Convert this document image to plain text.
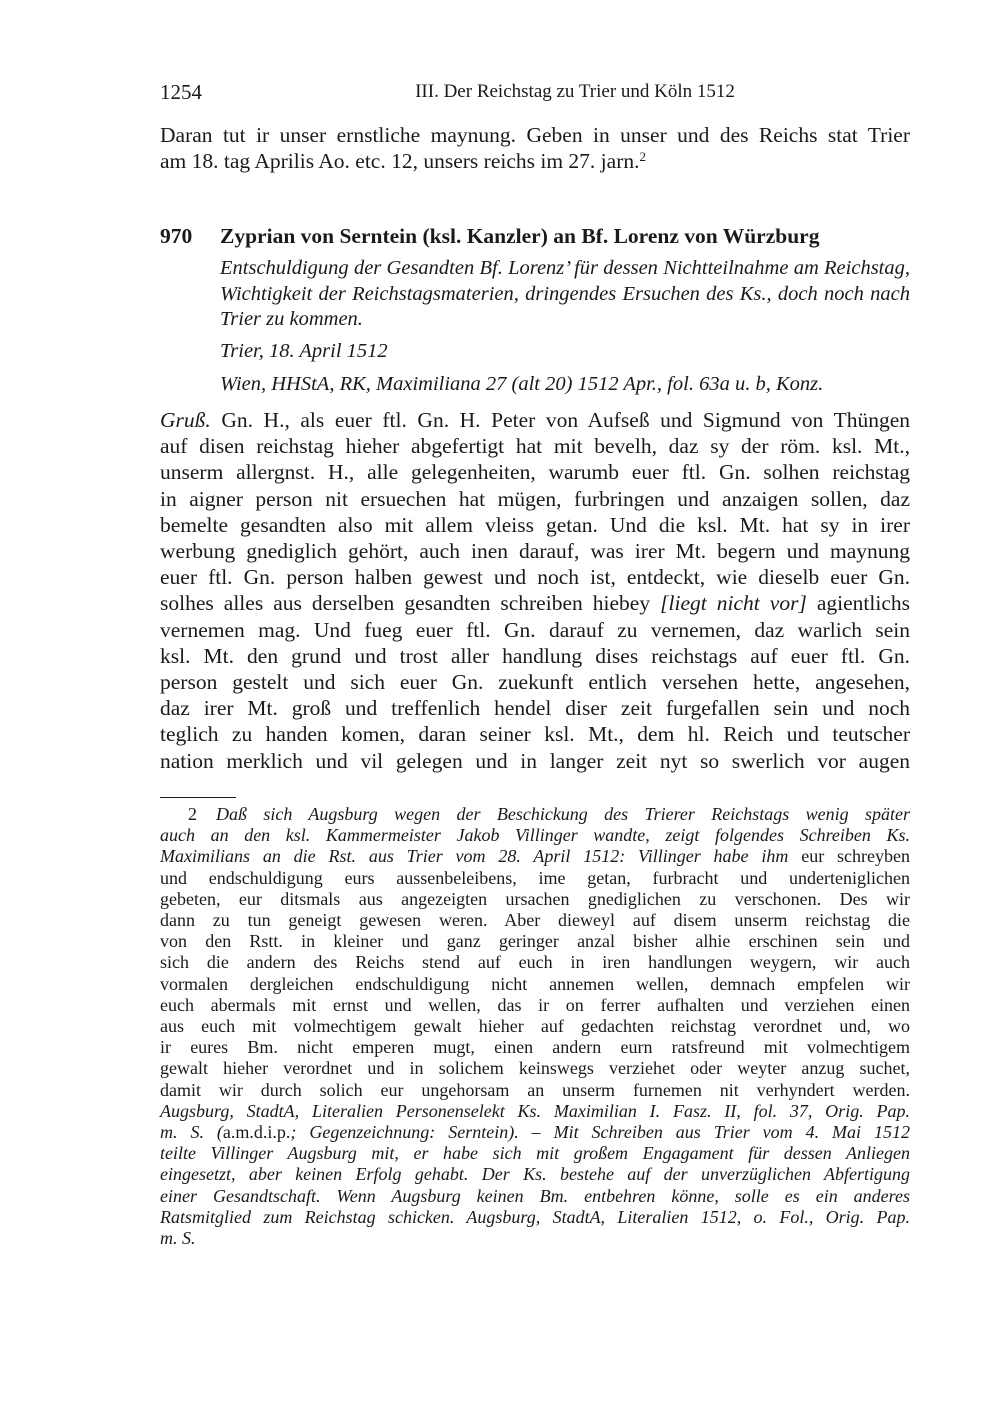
1254	III. Der Reichstag zu Trier und Köln 1512
Daran tut ir unser ernstliche maynung. Geben in unser und des Reichs stat Trier
am 18. tag Aprilis Ao. etc. 12, unsers reichs im 27. jarn.$^2$
970 Zyprian von Serntein (ksl. Kanzler) an Bf. Lorenz von Würzburg
Entschuldigung der Gesandten Bf. Lorenz’ für dessen Nichtteilnahme am Reichstag, Wichtigkeit der Reichstagsmaterien, dringendes Ersuchen des Ks., doch noch nach Trier zu kommen.
Trier, 18. April 1512
Wien, HHStA, RK, Maximiliana 27 (alt 20) 1512 Apr., fol. 63a u. b, Konz.
Gruß. Gn. H., als euer ftl. Gn. H. Peter von Aufseß und Sigmund von Thüngen
auf disen reichstag hieher abgefertigt hat mit bevelh, daz sy der röm. ksl. Mt.,
unserm allergnst. H., alle gelegenheiten, warumb euer ftl. Gn. solhen reichstag
in aigner person nit ersuechen hat mügen, furbringen und anzaigen sollen, daz
bemelte gesandten also mit allem vleiss getan. Und die ksl. Mt. hat sy in irer
werbung gnediglich gehört, auch inen darauf, was irer Mt. begern und maynung
euer ftl. Gn. person halben gewest und noch ist, entdeckt, wie dieselb euer Gn.
solhes alles aus derselben gesandten schreiben hiebey [liegt nicht vor] agientlichs
vernemen mag. Und fueg euer ftl. Gn. darauf zu vernemen, daz warlich sein
ksl. Mt. den grund und trost aller handlung dises reichstags auf euer ftl. Gn.
person gestelt und sich euer Gn. zuekunft entlich versehen hette, angesehen,
daz irer Mt. groß und treffenlich hendel diser zeit furgefallen sein und noch
teglich zu handen komen, daran seiner ksl. Mt., dem hl. Reich und teutscher
nation merklich und vil gelegen und in langer zeit nyt so swerlich vor augen
2 Daß sich Augsburg wegen der Beschickung des Trierer Reichstags wenig später
auch an den ksl. Kammermeister Jakob Villinger wandte, zeigt folgendes Schreiben Ks.
Maximilians an die Rst. aus Trier vom 28. April 1512: Villinger habe ihm eur schreyben
und endschuldigung eurs aussenbeleibens, ime getan, furbracht und underteniglichen
gebeten, eur ditsmals aus angezeigten ursachen gnediglichen zu verschonen. Des wir
dann zu tun geneigt gewesen weren. Aber dieweyl auf disem unserm reichstag die
von den Rstt. in kleiner und ganz geringer anzal bisher alhie erschinen sein und
sich die andern des Reichs stend auf euch in iren handlungen weygern, wir auch
vormalen dergleichen endschuldigung nicht annemen wellen, demnach empfelen wir
euch abermals mit ernst und wellen, das ir on ferrer aufhalten und verziehen einen
aus euch mit volmechtigem gewalt hieher auf gedachten reichstag verordnet und, wo
ir eures Bm. nicht emperen mugt, einen andern eurn ratsfreund mit volmechtigem
gewalt hieher verordnet und in solichem keinswegs verziehet oder weyter anzug suchet,
damit wir durch solich eur ungehorsam an unserm furnemen nit verhyndert werden.
Augsburg, StadtA, Literalien Personenselekt Ks. Maximilian I. Fasz. II, fol. 37, Orig. Pap.
m. S. (a.m.d.i.p.; Gegenzeichnung: Serntein). – Mit Schreiben aus Trier vom 4. Mai 1512
teilte Villinger Augsburg mit, er habe sich mit großem Engagament für dessen Anliegen
eingesetzt, aber keinen Erfolg gehabt. Der Ks. bestehe auf der unverzüglichen Abfertigung
einer Gesandtschaft. Wenn Augsburg keinen Bm. entbehren könne, solle es ein anderes
Ratsmitglied zum Reichstag schicken. Augsburg, StadtA, Literalien 1512, o. Fol., Orig. Pap.
m. S.
